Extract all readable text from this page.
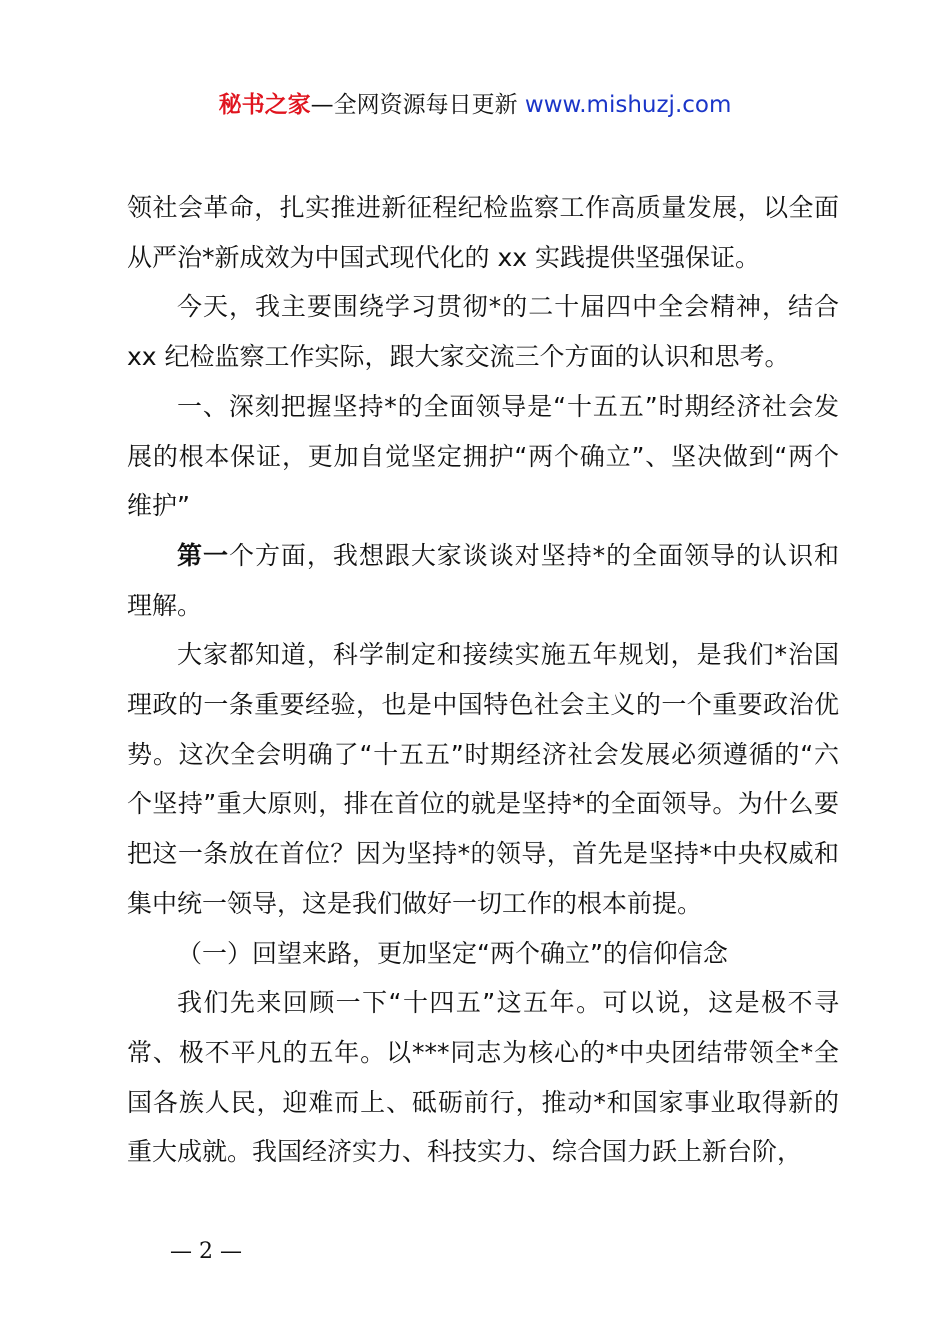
秘书之家—全网资源每日更新 www.mishuzj.com

领社会革命，扎实推进新征程纪检监察工作高质量发展，以全面从严治*新成效为中国式现代化的 xx 实践提供坚强保证。

今天，我主要围绕学习贯彻*的二十届四中全会精神，结合 xx 纪检监察工作实际，跟大家交流三个方面的认识和思考。

一、深刻把握坚持*的全面领导是“十五五”时期经济社会发展的根本保证，更加自觉坚定拥护“两个确立”、坚决做到“两个维护”

第一个方面，我想跟大家谈谈对坚持*的全面领导的认识和理解。

大家都知道，科学制定和接续实施五年规划，是我们*治国理政的一条重要经验，也是中国特色社会主义的一个重要政治优势。这次全会明确了“十五五”时期经济社会发展必须遵循的“六个坚持”重大原则，排在首位的就是坚持*的全面领导。为什么要把这一条放在首位？因为坚持*的领导，首先是坚持*中央权威和集中统一领导，这是我们做好一切工作的根本前提。

（一）回望来路，更加坚定“两个确立”的信仰信念

我们先来回顾一下“十四五”这五年。可以说，这是极不寻常、极不平凡的五年。以***同志为核心的*中央团结带领全*全国各族人民，迎难而上、砥砺前行，推动*和国家事业取得新的重大成就。我国经济实力、科技实力、综合国力跃上新台阶，

— 2 —
